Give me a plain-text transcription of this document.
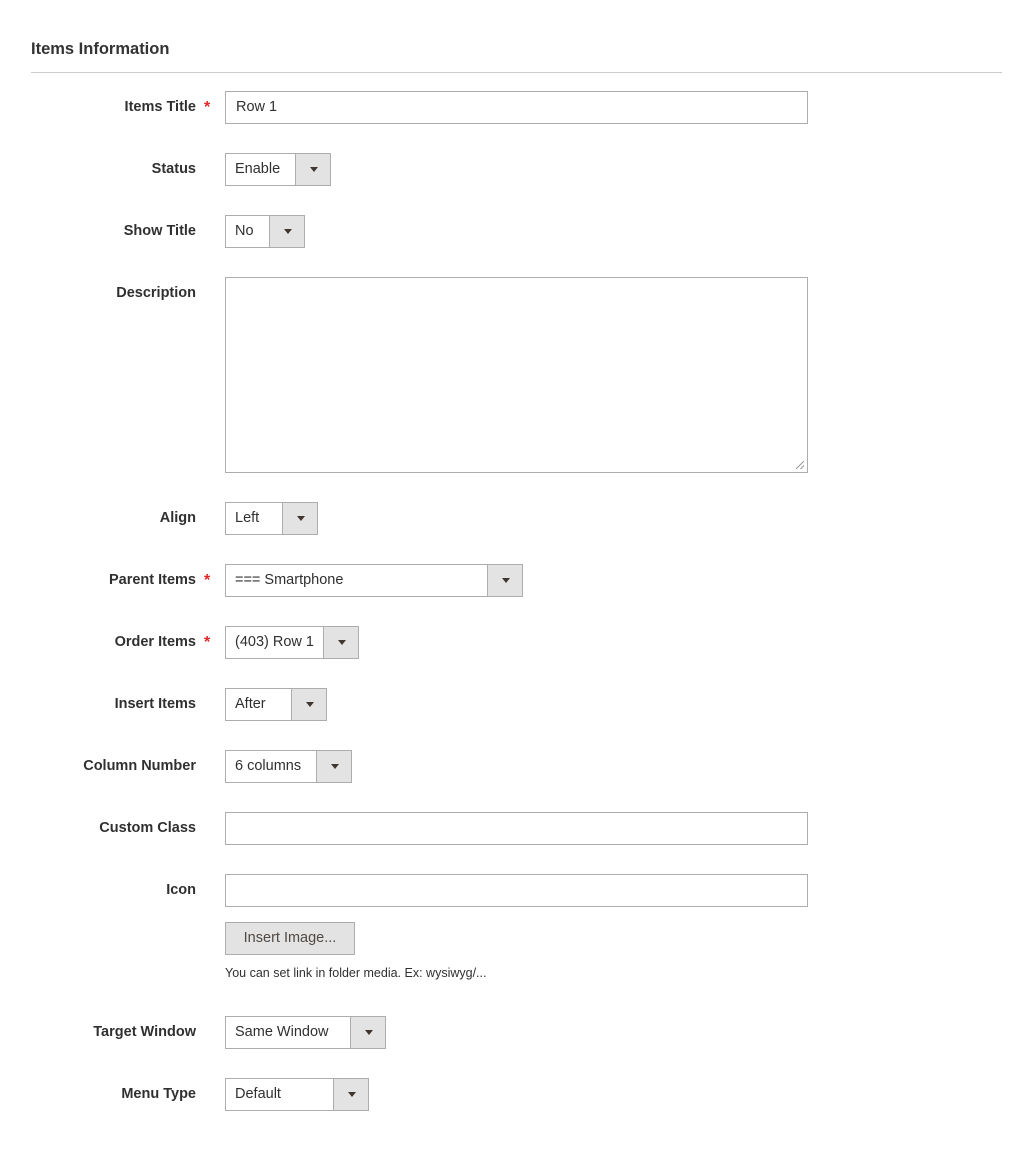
Items Information
Items Title *	Row 1
Status	Enable
Show Title	No
Description
Align	Left
Parent Items *	=== Smartphone
Order Items *	(403) Row 1
Insert Items	After
Column Number	6 columns
Custom Class
Icon
Insert Image...
You can set link in folder media. Ex: wysiwyg/...
Target Window	Same Window
Menu Type	Default
